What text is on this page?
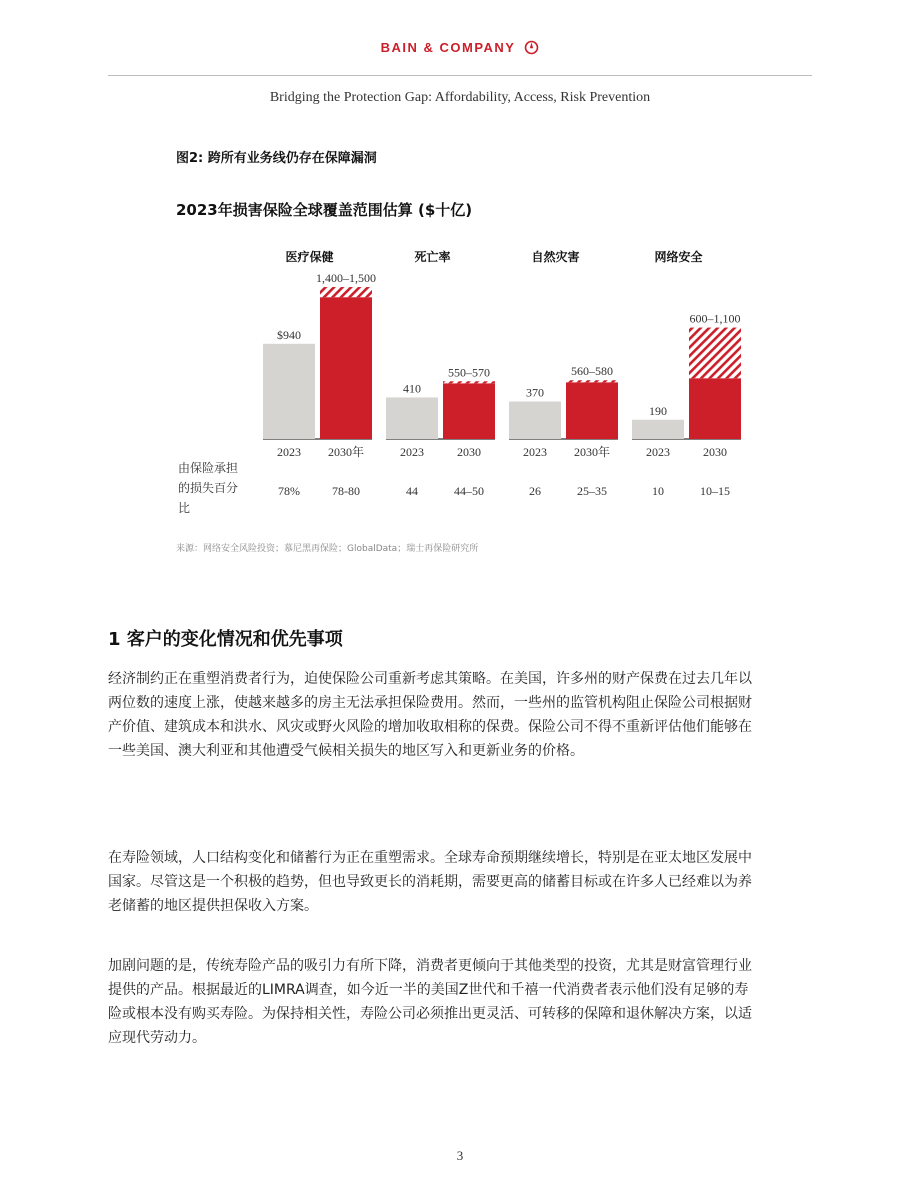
BAIN & COMPANY
Bridging the Protection Gap: Affordability, Access, Risk Prevention
图2: 跨所有业务线仍存在保障漏洞
2023年损害保险全球覆盖范围估算 ($十亿)
医疗保健
$940
2023
78%
1,400–1,500
2030年
78-80
死亡率
410
2023
44
550–570
2030
44–50
自然灾害
370
2023
26
560–580
2030年
25–35
网络安全
190
2023
10
600–1,100
2030
10–15
由保险承担
的损失百分
比
来源：网络安全风险投资；慕尼黑再保险；GlobalData；瑞士再保险研究所
1 客户的变化情况和优先事项
经济制约正在重塑消费者行为，迫使保险公司重新考虑其策略。在美国，许多州的财产保费在过去几年以
两位数的速度上涨，使越来越多的房主无法承担保险费用。然而，一些州的监管机构阻止保险公司根据财
产价值、建筑成本和洪水、风灾或野火风险的增加收取相称的保费。保险公司不得不重新评估他们能够在
一些美国、澳大利亚和其他遭受气候相关损失的地区写入和更新业务的价格。
在寿险领域，人口结构变化和储蓄行为正在重塑需求。全球寿命预期继续增长，特别是在亚太地区发展中
国家。尽管这是一个积极的趋势，但也导致更长的消耗期，需要更高的储蓄目标或在许多人已经难以为养
老储蓄的地区提供担保收入方案。
加剧问题的是，传统寿险产品的吸引力有所下降，消费者更倾向于其他类型的投资，尤其是财富管理行业
提供的产品。根据最近的LIMRA调查，如今近一半的美国Z世代和千禧一代消费者表示他们没有足够的寿
险或根本没有购买寿险。为保持相关性，寿险公司必须推出更灵活、可转移的保障和退休解决方案，以适
应现代劳动力。
3
